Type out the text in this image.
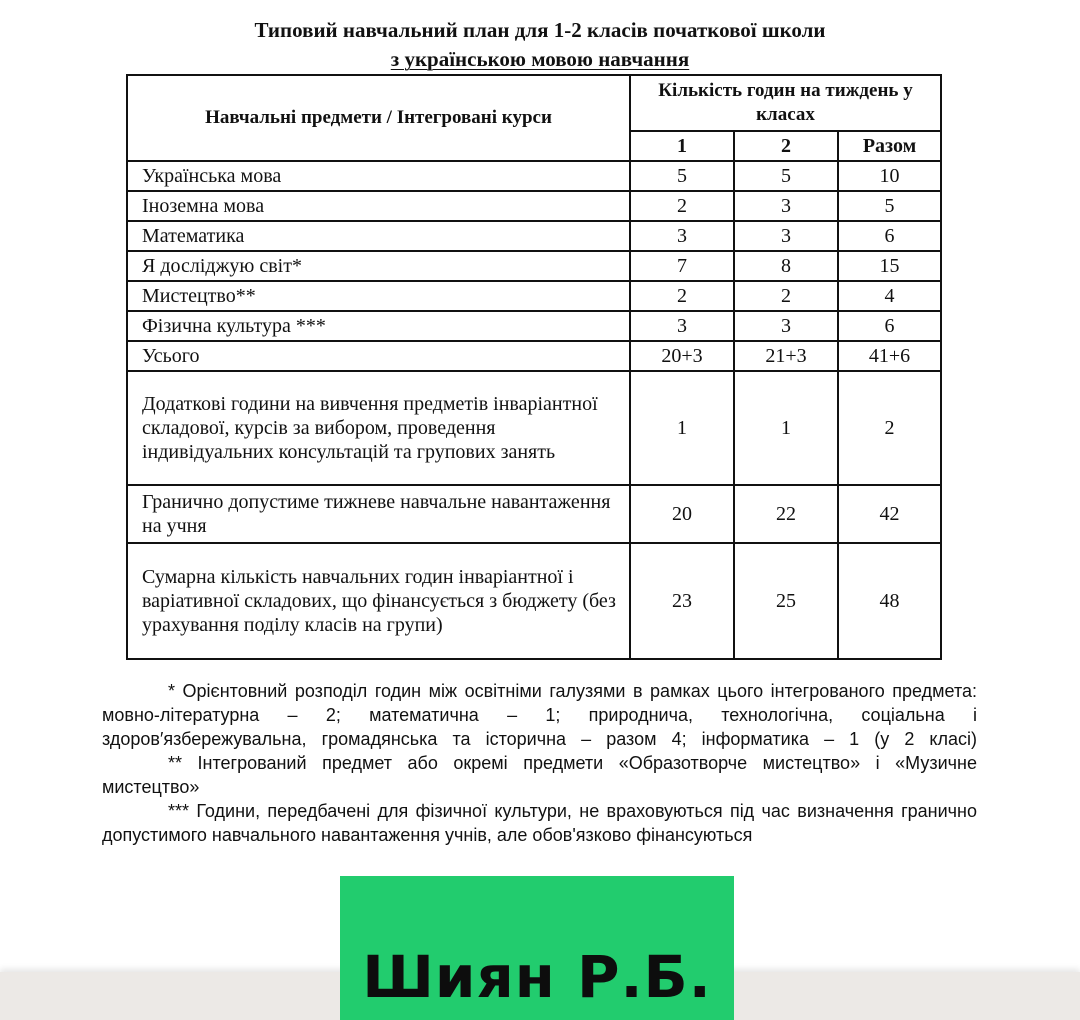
Типовий навчальний план для 1-2 класів початкової школи
з українською мовою навчання
Навчальні предмети / Інтегровані курси	Кількість годин на тиждень у класах		
	1	2	Разом
Українська мова	5	5	10
Іноземна мова	2	3	5
Математика	3	3	6
Я досліджую світ*	7	8	15
Мистецтво**	2	2	4
Фізична культура ***	3	3	6
Усього	20+3	21+3	41+6
Додаткові години на вивчення предметів інваріантної складової, курсів за вибором, проведення індивідуальних консультацій та групових занять	1	1	2
Гранично допустиме тижневе навчальне навантаження на учня	20	22	42
Сумарна кількість навчальних годин інваріантної і варіативної складових, що фінансується з бюджету (без урахування поділу класів на групи)	23	25	48

* Орієнтовний розподіл годин між освітніми галузями в рамках цього інтегрованого предмета: мовно-літературна – 2; математична – 1; природнича, технологічна, соціальна і здоров′язбережувальна, громадянська та історична – разом 4; інформатика – 1 (у 2 класі)

** Інтегрований предмет або окремі предмети «Образотворче мистецтво» і «Музичне мистецтво»

*** Години, передбачені для фізичної культури, не враховуються під час визначення гранично допустимого навчального навантаження учнів, але обов'язково фінансуються

Шиян Р.Б.
